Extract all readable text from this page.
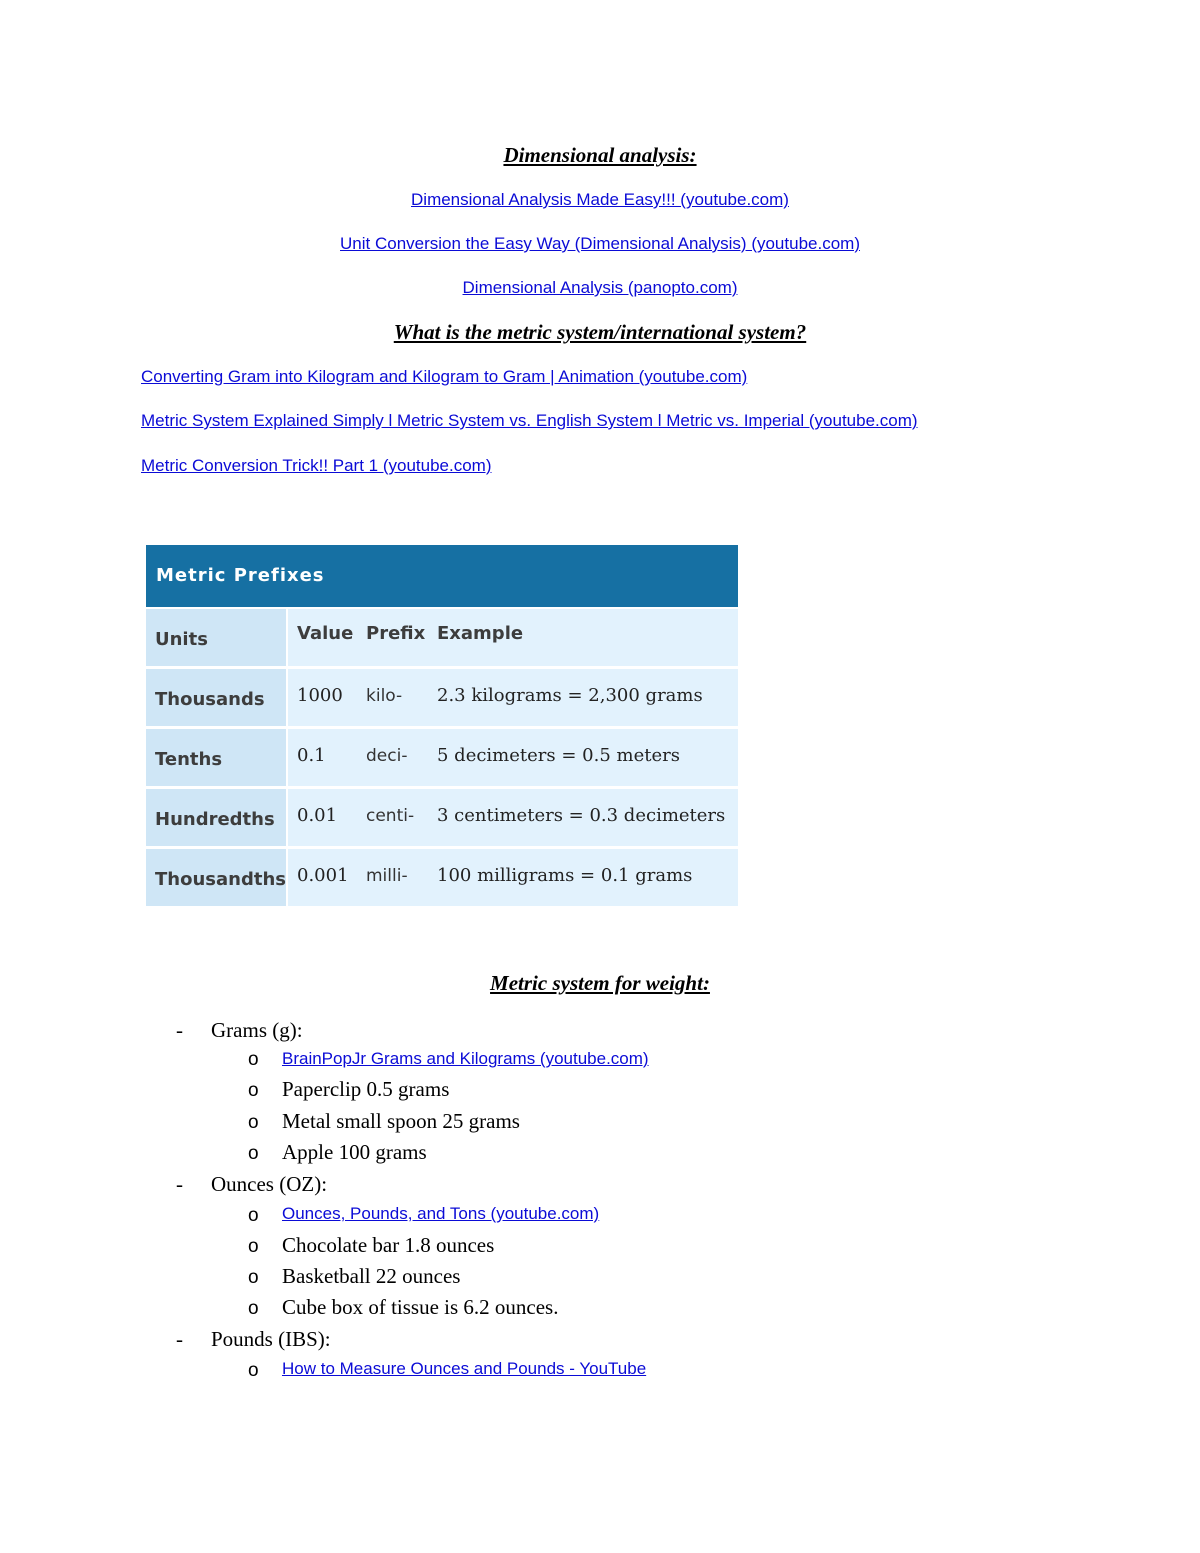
Dimensional analysis:
Dimensional Analysis Made Easy!!! (youtube.com)
Unit Conversion the Easy Way (Dimensional Analysis) (youtube.com)
Dimensional Analysis (panopto.com)
What is the metric system/international system?
Converting Gram into Kilogram and Kilogram to Gram | Animation (youtube.com)
Metric System Explained Simply l Metric System vs. English System l Metric vs. Imperial (youtube.com)
Metric Conversion Trick!! Part 1 (youtube.com)
Metric Prefixes
Units	Value Prefix Example
Thousands 1000 kilo- 2.3 kilograms = 2,300 grams
Tenths	0.1 deci- 5 decimeters = 0.5 meters
Hundredths 0.01 centi- 3 centimeters = 0.3 decimeters
Thousandths 0.001 milli- 100 milligrams = 0.1 grams
Metric system for weight:
- Grams (g):
o BrainPopJr Grams and Kilograms (youtube.com)
o Paperclip 0.5 grams
o Metal small spoon 25 grams
o Apple 100 grams
- Ounces (OZ):
o Ounces, Pounds, and Tons (youtube.com)
o Chocolate bar 1.8 ounces
o Basketball 22 ounces
o Cube box of tissue is 6.2 ounces.
- Pounds (IBS):
o How to Measure Ounces and Pounds - YouTube
